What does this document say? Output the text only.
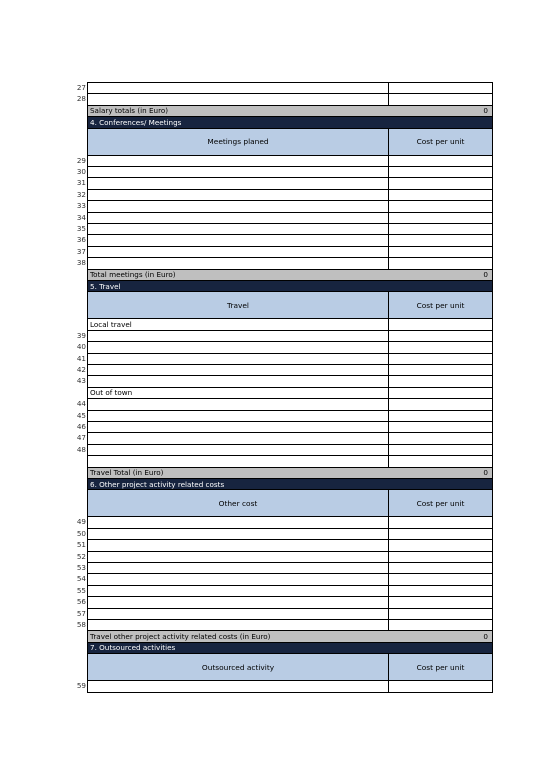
27
28
Salary totals (in Euro)	0
4. Conferences/ Meetings
Meetings planed	Cost per unit
29
30
31
32
33
34
35
36
37
38
Total meetings (in Euro)	0
5. Travel
Travel	Cost per unit
Local travel
39
40
41
42
43
Out of town
44
45
46
47
48
Travel Total (in Euro)	0
6. Other project activity related costs
Other cost	Cost per unit
49
50
51
52
53
54
55
56
57
58
Travel other project activity related costs (in Euro)	0
7. Outsourced activities
Outsourced activity	Cost per unit
59
